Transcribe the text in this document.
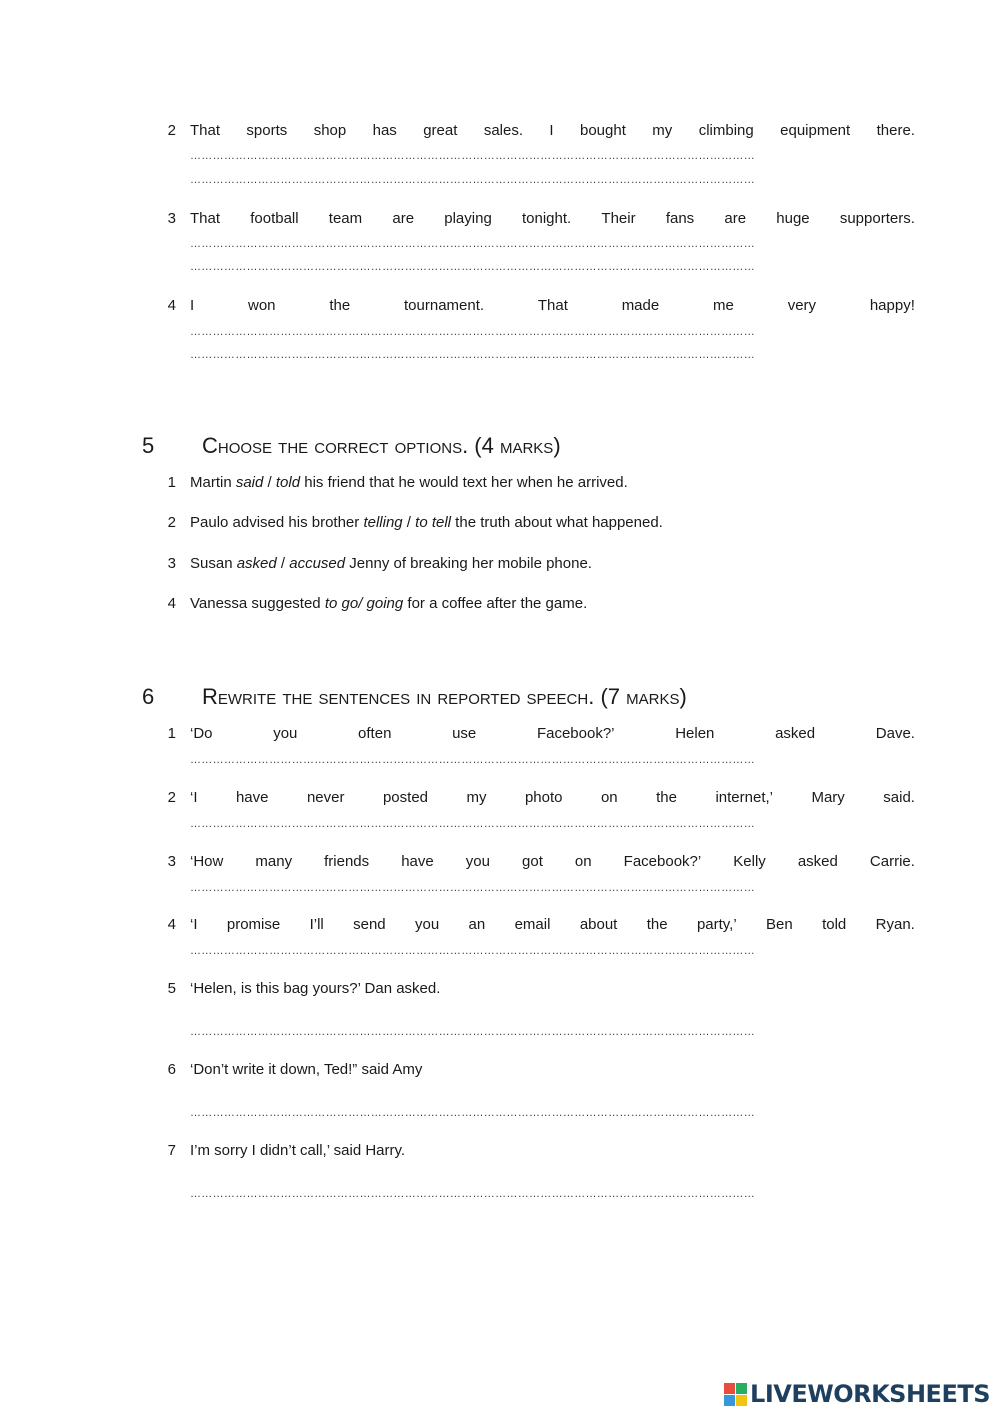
2 That sports shop has great sales. I bought my climbing equipment there.
……………………………………………………………………………………………………………………………………
……………………………………………………………………………………………………………………………………
3 That football team are playing tonight. Their fans are huge supporters.
……………………………………………………………………………………………………………………………………
……………………………………………………………………………………………………………………………………
4 I	won	the	tournament.	That	made	me	very	happy!
……………………………………………………………………………………………………………………………………
……………………………………………………………………………………………………………………………………
5 Choose the correct options. (4 marks)
1 Martin said / told his friend that he would text her when he arrived.
2 Paulo advised his brother telling / to tell the truth about what happened.
3 Susan asked / accused Jenny of breaking her mobile phone.
4 Vanessa suggested to go/ going for a coffee after the game.
6 Rewrite the sentences in reported speech. (7 marks)
1 ‘Do	you	often	use	Facebook?’	Helen	asked	Dave.
……………………………………………………………………………………………………………………………………
2 ‘I	have	never	posted	my	photo	on	the	internet,’	Mary	said.
……………………………………………………………………………………………………………………………………
3 ‘How many friends have you got on Facebook?’ Kelly asked Carrie.
……………………………………………………………………………………………………………………………………
4 ‘I promise I’ll send you an email about the party,’ Ben told Ryan.
……………………………………………………………………………………………………………………………………
5 ‘Helen, is this bag yours?’ Dan asked.
……………………………………………………………………………………………………………………………………
6 ‘Don’t write it down, Ted!” said Amy
……………………………………………………………………………………………………………………………………
7 I’m sorry I didn’t call,’ said Harry.
……………………………………………………………………………………………………………………………………
LIVEWORKSHEETS
